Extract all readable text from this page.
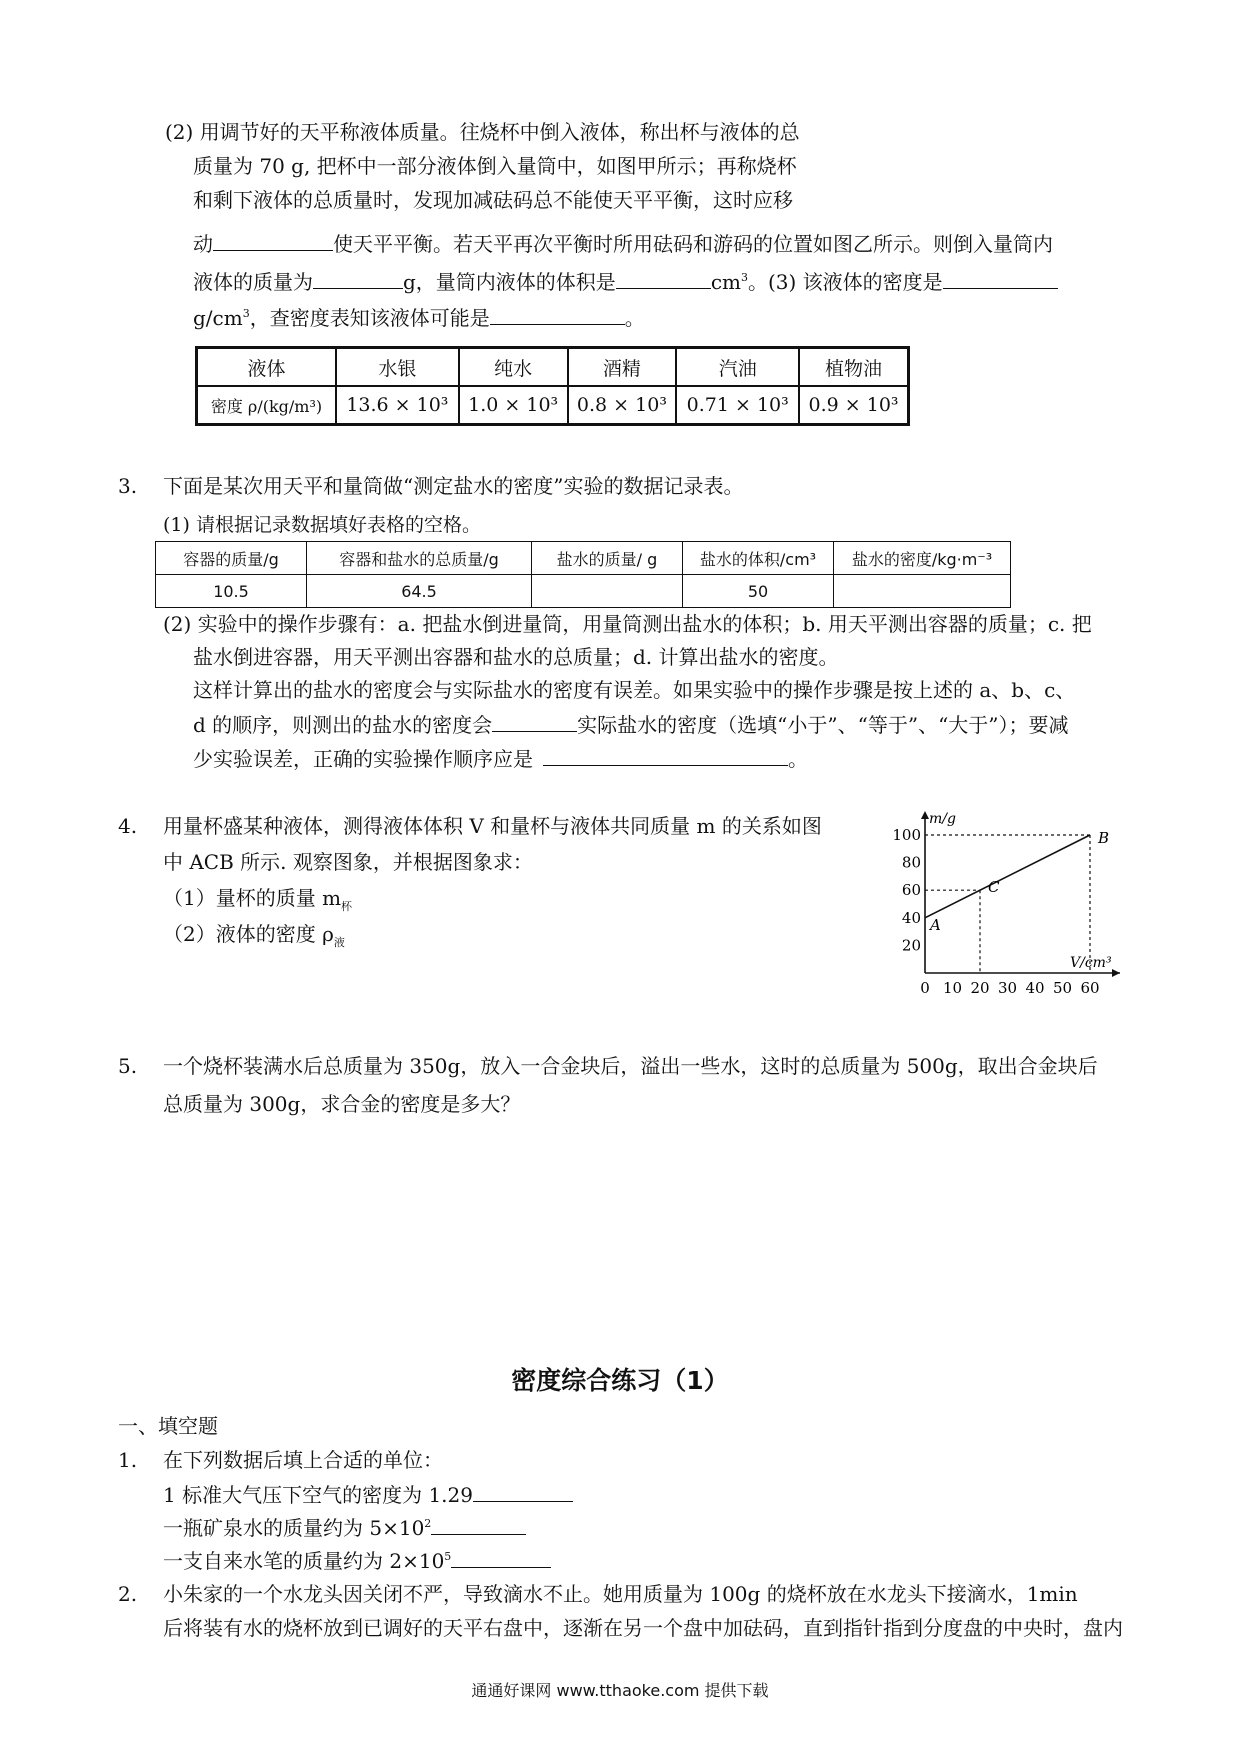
(2) 用调节好的天平称液体质量。往烧杯中倒入液体，称出杯与液体的总
质量为 70 g, 把杯中一部分液体倒入量筒中，如图甲所示；再称烧杯
和剩下液体的总质量时，发现加减砝码总不能使天平平衡，这时应移
动	使天平平衡。若天平再次平衡时所用砝码和游码的位置如图乙所示。则倒入量筒内
液体的质量为	g，量筒内液体的体积是	$cm^3$。(3) 该液体的密度是
$g/cm^3$，查密度表知该液体可能是	。
液体	水银	纯水	酒精	汽油	植物油
密度 ρ/(kg/m³)	13.6 × 10³	1.0 × 10³	0.8 × 10³	0.71 × 10³	0.9 × 10³
3. 下面是某次用天平和量筒做“测定盐水的密度”实验的数据记录表。
(1) 请根据记录数据填好表格的空格。
容器的质量/g	容器和盐水的总质量/g	盐水的质量/ g	盐水的体积/cm³	盐水的密度/kg·m⁻³
10.5	64.5		50	
(2) 实验中的操作步骤有：a. 把盐水倒进量筒，用量筒测出盐水的体积；b. 用天平测出容器的质量；c. 把
盐水倒进容器，用天平测出容器和盐水的总质量；d. 计算出盐水的密度。
这样计算出的盐水的密度会与实际盐水的密度有误差。如果实验中的操作步骤是按上述的 a、b、c、
d 的顺序，则测出的盐水的密度会	实际盐水的密度（选填“小于”、“等于”、“大于”）；要减
少实验误差，正确的实验操作顺序应是	。
4. 用量杯盛某种液体，测得液体体积 V 和量杯与液体共同质量 m 的关系如图
中 ACB 所示. 观察图象，并根据图象求：
（1）量杯的质量 $m_杯$
（2）液体的密度 $\rho_液$
m/g
V/cm³
0 10 20 30 40 50 60
20
40
60
80
100
A
C
B
5. 一个烧杯装满水后总质量为 350g，放入一合金块后，溢出一些水，这时的总质量为 500g，取出合金块后
总质量为 300g，求合金的密度是多大？
密度综合练习（1）
一、填空题
1. 在下列数据后填上合适的单位：
1 标准大气压下空气的密度为 1.29
一瓶矿泉水的质量约为 $5\times 10^2$
一支自来水笔的质量约为 $2\times 10^5$
2. 小朱家的一个水龙头因关闭不严，导致滴水不止。她用质量为 100g 的烧杯放在水龙头下接滴水，1min
后将装有水的烧杯放到已调好的天平右盘中，逐渐在另一个盘中加砝码，直到指针指到分度盘的中央时，盘内
通通好课网 www.tthaoke.com 提供下载
